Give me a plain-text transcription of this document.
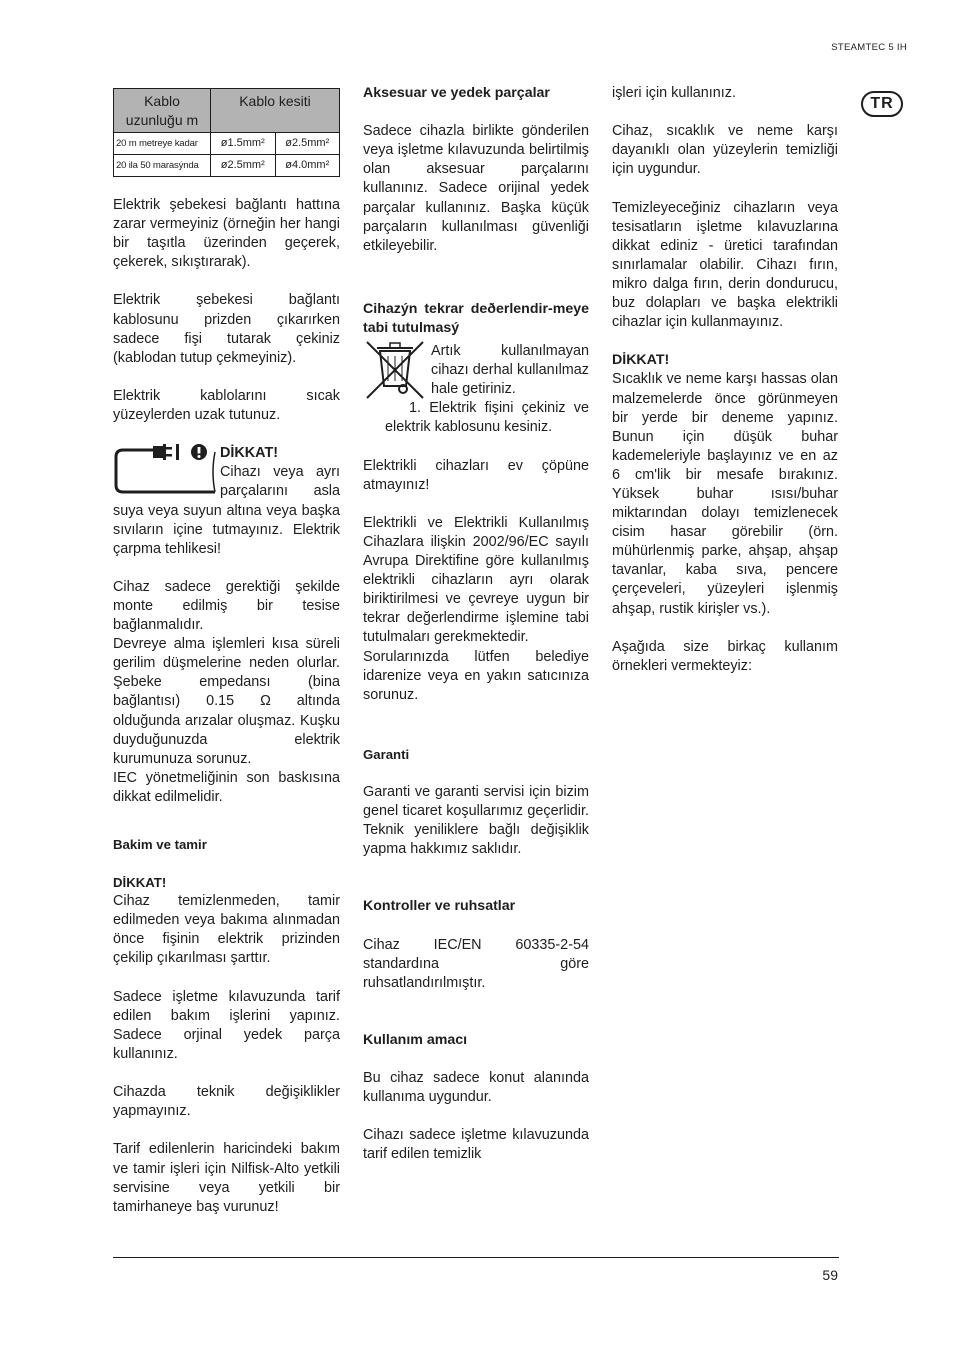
STEAMTEC 5 IH
TR
Kablo uzunluğu m	Kablo kesiti	
20 m metreye kadar	ø1.5mm²	ø2.5mm²
20 ila 50 marasýnda	ø2.5mm²	ø4.0mm²

Elektrik şebekesi bağlantı hattına zarar vermeyiniz (örneğin her hangi bir taşıtla üzerinden geçerek, çekerek, sıkıştırarak).

Elektrik şebekesi bağlantı kablosunu prizden çıkarırken sadece fişi tutarak çekiniz (kablodan tutup çekmeyiniz).

Elektrik kablolarını sıcak yüzeylerden uzak tutunuz.

DİKKAT!
Cihazı veya ayrı parçalarını asla suya veya suyun altına veya başka sıvıların içine tutmayınız. Elektrik çarpma tehlikesi!

Cihaz sadece gerektiği şekilde monte edilmiş bir tesise bağlanmalıdır.

Devreye alma işlemleri kısa süreli gerilim düşmelerine neden olurlar. Şebeke empedansı (bina bağlantısı) 0.15 Ω altında olduğunda arızalar oluşmaz. Kuşku duyduğunuzda elektrik kurumunuza sorunuz.

IEC yönetmeliğinin son baskısına dikkat edilmelidir.

Bakim ve tamir

DİKKAT!

Cihaz temizlenmeden, tamir edilmeden veya bakıma alınmadan önce fişinin elektrik prizinden çekilip çıkarılması şarttır.

Sadece işletme kılavuzunda tarif edilen bakım işlerini yapınız. Sadece orjinal yedek parça kullanınız.

Cihazda teknik değişiklikler yapmayınız.

Tarif edilenlerin haricindeki bakım ve tamir işleri için Nilfisk-Alto yetkili servisine veya yetkili bir tamirhaneye baş vurunuz!

Aksesuar ve yedek parçalar

Sadece cihazla birlikte gönderilen veya işletme kılavuzunda belirtilmiş olan aksesuar parçalarını kullanınız. Sadece orijinal yedek parçalar kullanınız. Başka küçük parçaların kullanılması güvenliği etkileyebilir.

Cihazýn tekrar deðerlendir-meye tabi tutulmasý

Artık kullanılmayan cihazı derhal kullanılmaz hale getiriniz.

1. Elektrik fişini çekiniz ve elektrik kablosunu kesiniz.

Elektrikli cihazları ev çöpüne atmayınız!

Elektrikli ve Elektrikli Kullanılmış Cihazlara ilişkin 2002/96/EC sayılı Avrupa Direktifine göre kullanılmış elektrikli cihazların ayrı olarak biriktirilmesi ve çevreye uygun bir tekrar değerlendirme işlemine tabi tutulmaları gerekmektedir.

Sorularınızda lütfen belediye idarenize veya en yakın satıcınıza sorunuz.

Garanti

Garanti ve garanti servisi için bizim genel ticaret koşullarımız geçerlidir. Teknik yeniliklere bağlı değişiklik yapma hakkımız saklıdır.

Kontroller ve ruhsatlar

Cihaz IEC/EN 60335-2-54 standardına göre ruhsatlandırılmıştır.

Kullanım amacı

Bu cihaz sadece konut alanında kullanıma uygundur.

Cihazı sadece işletme kılavuzunda tarif edilen temizlik

işleri için kullanınız.

Cihaz, sıcaklık ve neme karşı dayanıklı olan yüzeylerin temizliği için uygundur.

Temizleyeceğiniz cihazların veya tesisatların işletme kılavuzlarına dikkat ediniz - üretici tarafından sınırlamalar olabilir. Cihazı fırın, mikro dalga fırın, derin dondurucu, buz dolapları ve başka elektrikli cihazlar için kullanmayınız.

DİKKAT!

Sıcaklık ve neme karşı hassas olan malzemelerde önce görünmeyen bir yerde bir deneme yapınız. Bunun için düşük buhar kademeleriyle başlayınız ve en az 6 cm'lik bir mesafe bırakınız. Yüksek buhar ısısı/buhar miktarından dolayı temizlenecek cisim hasar görebilir (örn. mühürlenmiş parke, ahşap, ahşap tavanlar, kaba sıva, pencere çerçeveleri, yüzeyleri işlenmiş ahşap, rustik kirişler vs.).

Aşağıda size birkaç kullanım örnekleri vermekteyiz:

59
